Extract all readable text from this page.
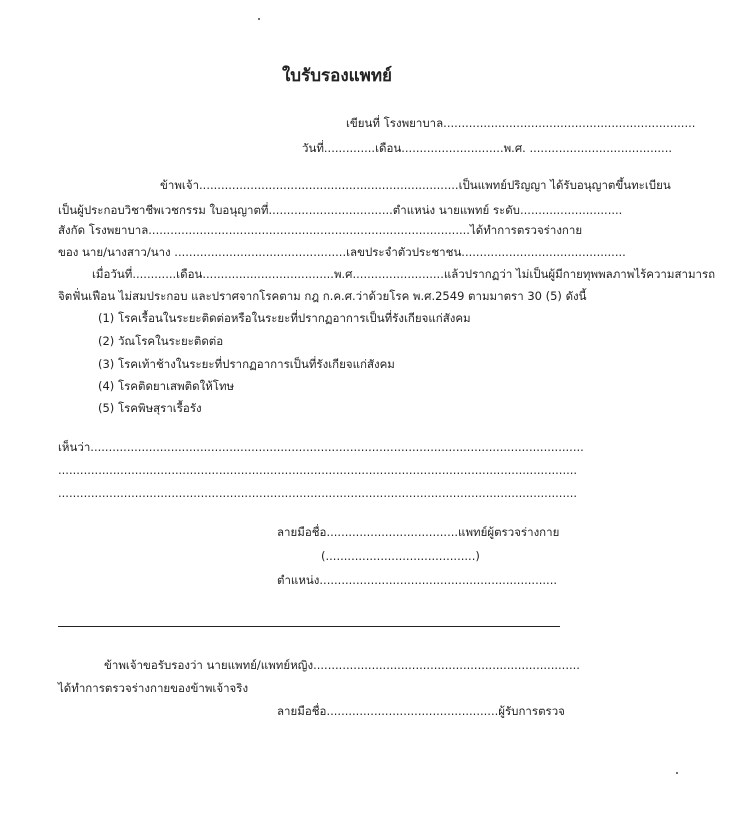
ใบรับรองแพทย์
เขียนที่ โรงพยาบาล.....................................................................
วันที่..............เดือน............................พ.ศ. .......................................
ข้าพเจ้า.......................................................................เป็นแพทย์ปริญญา ได้รับอนุญาตขึ้นทะเบียน
เป็นผู้ประกอบวิชาชีพเวชกรรม ใบอนุญาตที่..................................ตำแหน่ง นายแพทย์ ระดับ............................
สังกัด โรงพยาบาล........................................................................................ได้ทำการตรวจร่างกาย
ของ นาย/นางสาว/นาง ...............................................เลขประจำตัวประชาชน.............................................
เมื่อวันที่............เดือน....................................พ.ศ.........................แล้วปรากฏว่า ไม่เป็นผู้มีกายทุพพลภาพไร้ความสามารถ
จิตฟั่นเฟือน ไม่สมประกอบ และปราศจากโรคตาม กฎ ก.ค.ศ.ว่าด้วยโรค พ.ศ.2549 ตามมาตรา 30 (5) ดังนี้
(1) โรคเรื้อนในระยะติดต่อหรือในระยะที่ปรากฏอาการเป็นที่รังเกียจแก่สังคม
(2) วัณโรคในระยะติดต่อ
(3) โรคเท้าช้างในระยะที่ปรากฏอาการเป็นที่รังเกียจแก่สังคม
(4) โรคติดยาเสพติดให้โทษ
(5) โรคพิษสุราเรื้อรัง
เห็นว่า.......................................................................................................................................
..............................................................................................................................................
..............................................................................................................................................
ลายมือชื่อ....................................แพทย์ผู้ตรวจร่างกาย
(.........................................)
ตำแหน่ง.................................................................
ข้าพเจ้าขอรับรองว่า นายแพทย์/แพทย์หญิง.........................................................................
ได้ทำการตรวจร่างกายของข้าพเจ้าจริง
ลายมือชื่อ...............................................ผู้รับการตรวจ
